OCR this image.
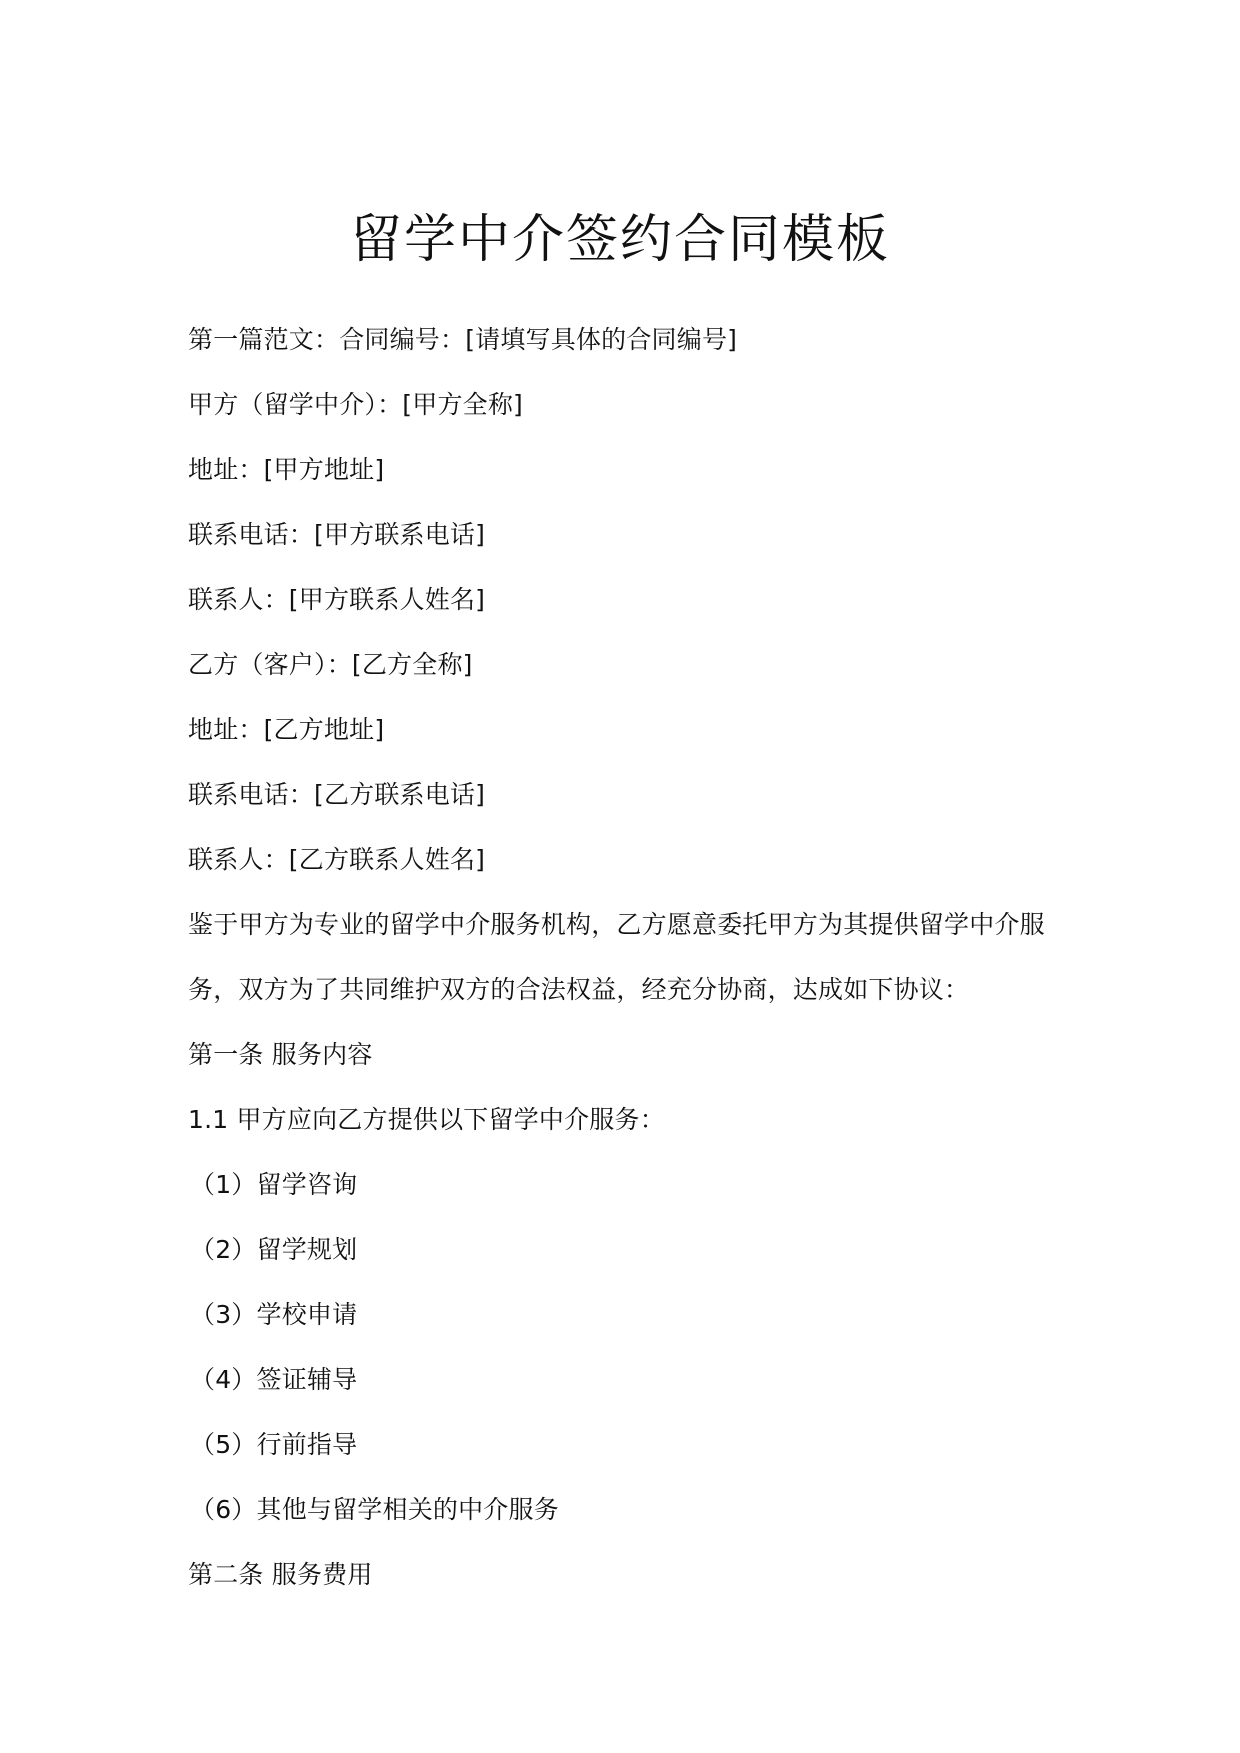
留学中介签约合同模板
第一篇范文：合同编号：[请填写具体的合同编号]
甲方（留学中介）：[甲方全称]
地址：[甲方地址]
联系电话：[甲方联系电话]
联系人：[甲方联系人姓名]
乙方（客户）：[乙方全称]
地址：[乙方地址]
联系电话：[乙方联系电话]
联系人：[乙方联系人姓名]
鉴于甲方为专业的留学中介服务机构，乙方愿意委托甲方为其提供留学中介服
务，双方为了共同维护双方的合法权益，经充分协商，达成如下协议：
第一条 服务内容
1.1 甲方应向乙方提供以下留学中介服务：
（1）留学咨询
（2）留学规划
（3）学校申请
（4）签证辅导
（5）行前指导
（6）其他与留学相关的中介服务
第二条 服务费用
